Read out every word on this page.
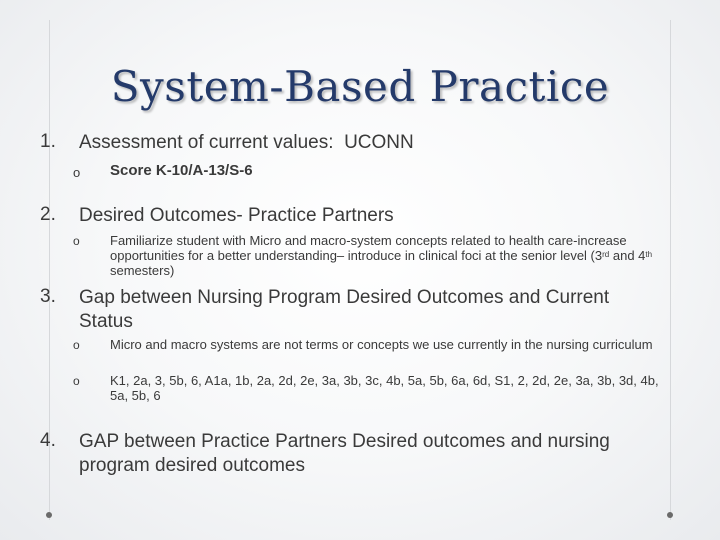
System-Based Practice
1. Assessment of current values: UCONN
o Score K-10/A-13/S-6
2. Desired Outcomes- Practice Partners
o Familiarize student with Micro and macro-system concepts related to health care-increase opportunities for a better understanding– introduce in clinical foci at the senior level (3rd and 4th semesters)
3. Gap between Nursing Program Desired Outcomes and Current Status
o Micro and macro systems are not terms or concepts we use currently in the nursing curriculum
o K1, 2a, 3, 5b, 6, A1a, 1b, 2a, 2d, 2e, 3a, 3b, 3c, 4b, 5a, 5b, 6a, 6d, S1, 2, 2d, 2e, 3a, 3b, 3d, 4b, 5a, 5b, 6
4. GAP between Practice Partners Desired outcomes and nursing program desired outcomes
